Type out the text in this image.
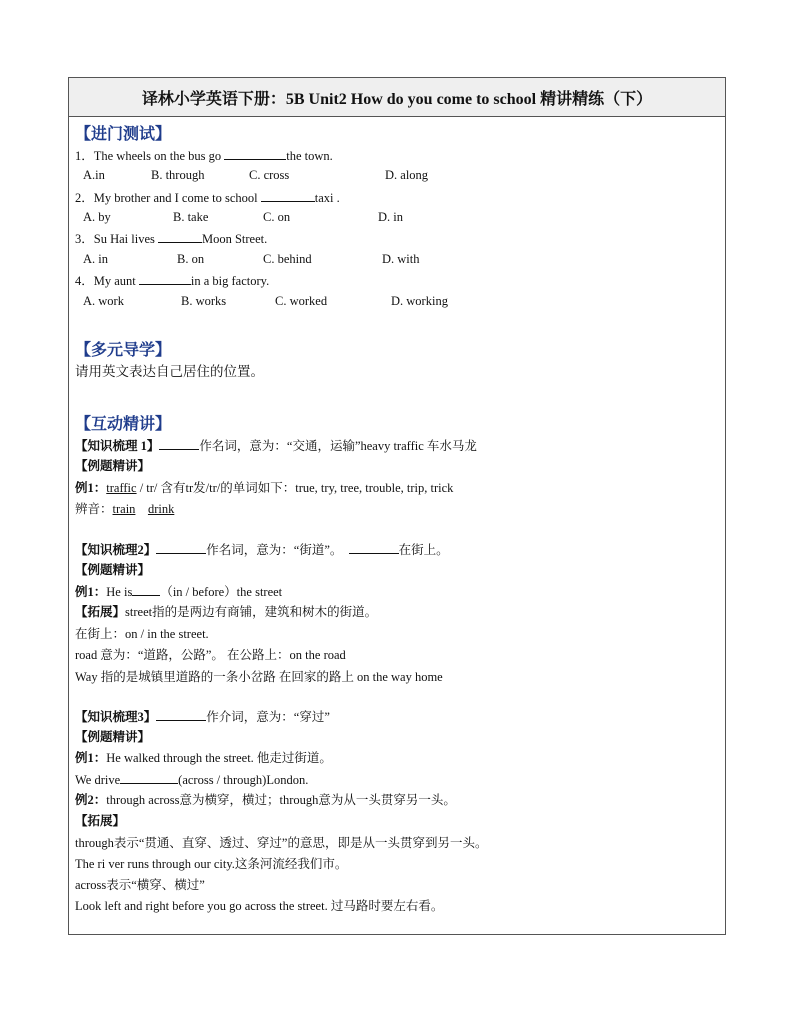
译林小学英语下册：5B Unit2 How do you come to school 精讲精练（下）
【进门测试】
1．The wheels on the bus go	the town.
A.in	B. through	C. cross	D. along
2．My brother and I come to school	taxi .
A. by	B. take	C. on	D. in
3．Su Hai lives	Moon Street.
A. in	B. on	C. behind	D. with
4．My aunt	in a big factory.
A. work	B. works	C. worked	D. working
【多元导学】
请用英文表达自己居住的位置。
【互动精讲】
【知识梳理 1】	作名词，意为：“交通，运输”heavy traffic 车水马龙
【例题精讲】
例1：traffic / tr/ 含有tr发/tr/的单词如下：true, try, tree, trouble, trip, trick
辨音：train drink
【知识梳理2】	作名词，意为：“街道”。	在街上。
【例题精讲】
例1：He is （in / before）the street
【拓展】street指的是两边有商铺，建筑和树木的街道。
在街上：on / in the street.
road 意为：“道路，公路”。 在公路上：on the road
Way 指的是城镇里道路的一条小岔路 在回家的路上 on the way home
【知识梳理3】	作介词，意为：“穿过”
【例题精讲】
例1：He walked through the street. 他走过街道。
We drive	(across / through)London.
例2：through across意为横穿，横过；through意为从一头贯穿另一头。
【拓展】
through表示“贯通、直穿、透过、穿过”的意思，即是从一头贯穿到另一头。
The ri ver runs through our city.这条河流经我们市。
across表示“横穿、横过”
Look left and right before you go across the street. 过马路时要左右看。
